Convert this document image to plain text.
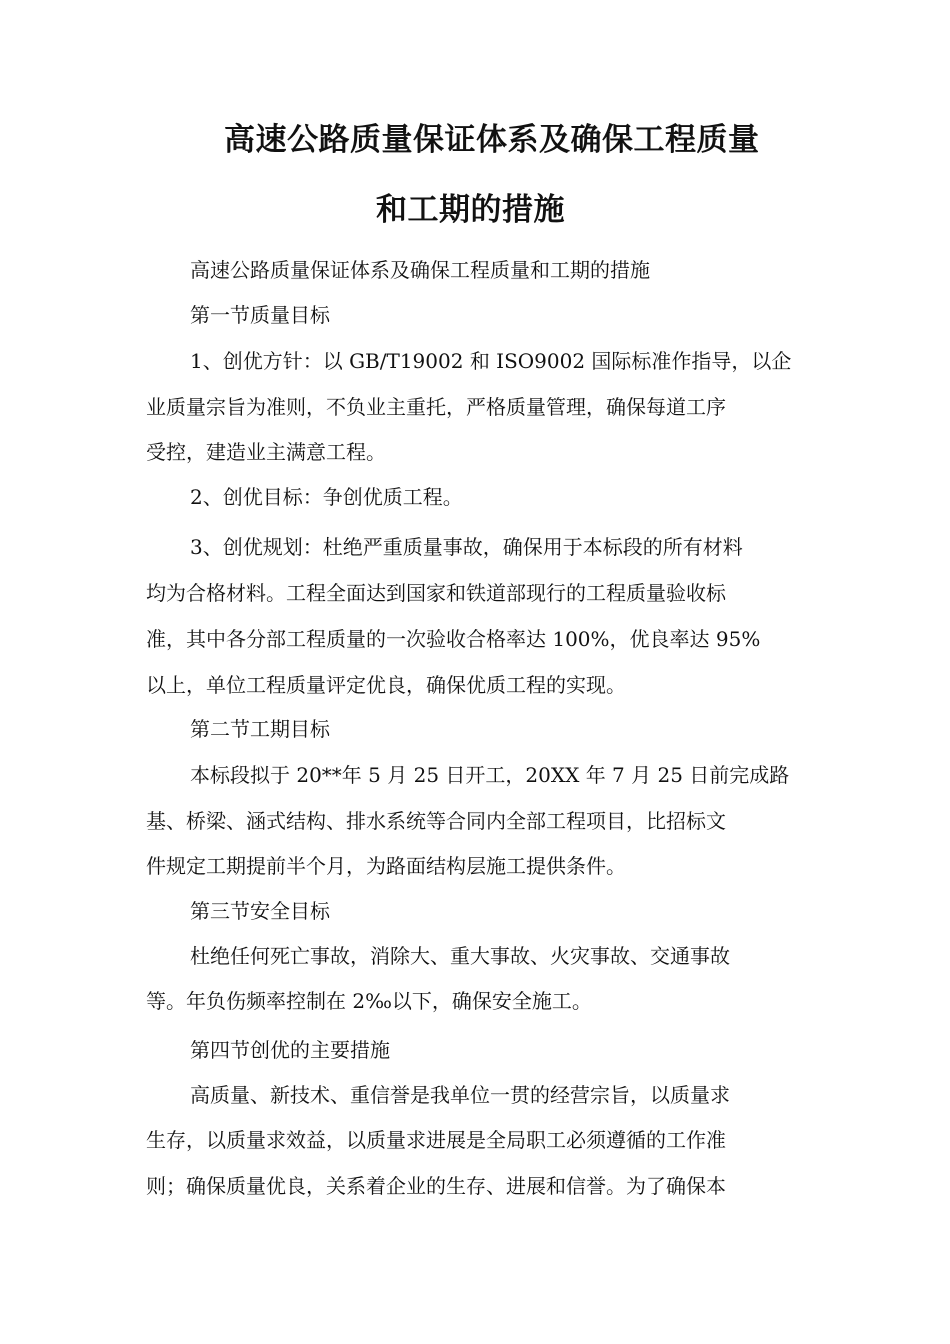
高速公路质量保证体系及确保工程质量
和工期的措施

高速公路质量保证体系及确保工程质量和工期的措施

第一节质量目标

1、创优方针：以 GB/T19002 和 ISO9002 国际标准作指导，以企

业质量宗旨为准则，不负业主重托，严格质量管理，确保每道工序

受控，建造业主满意工程。

2、创优目标：争创优质工程。

3、创优规划：杜绝严重质量事故，确保用于本标段的所有材料

均为合格材料。工程全面达到国家和铁道部现行的工程质量验收标

准，其中各分部工程质量的一次验收合格率达 100%，优良率达 95%

以上，单位工程质量评定优良，确保优质工程的实现。

第二节工期目标

本标段拟于 20**年 5 月 25 日开工，20XX 年 7 月 25 日前完成路

基、桥梁、涵式结构、排水系统等合同内全部工程项目，比招标文

件规定工期提前半个月，为路面结构层施工提供条件。

第三节安全目标

杜绝任何死亡事故，消除大、重大事故、火灾事故、交通事故

等。年负伤频率控制在 2‰以下，确保安全施工。

第四节创优的主要措施

高质量、新技术、重信誉是我单位一贯的经营宗旨，以质量求

生存，以质量求效益，以质量求进展是全局职工必须遵循的工作准

则；确保质量优良，关系着企业的生存、进展和信誉。为了确保本
